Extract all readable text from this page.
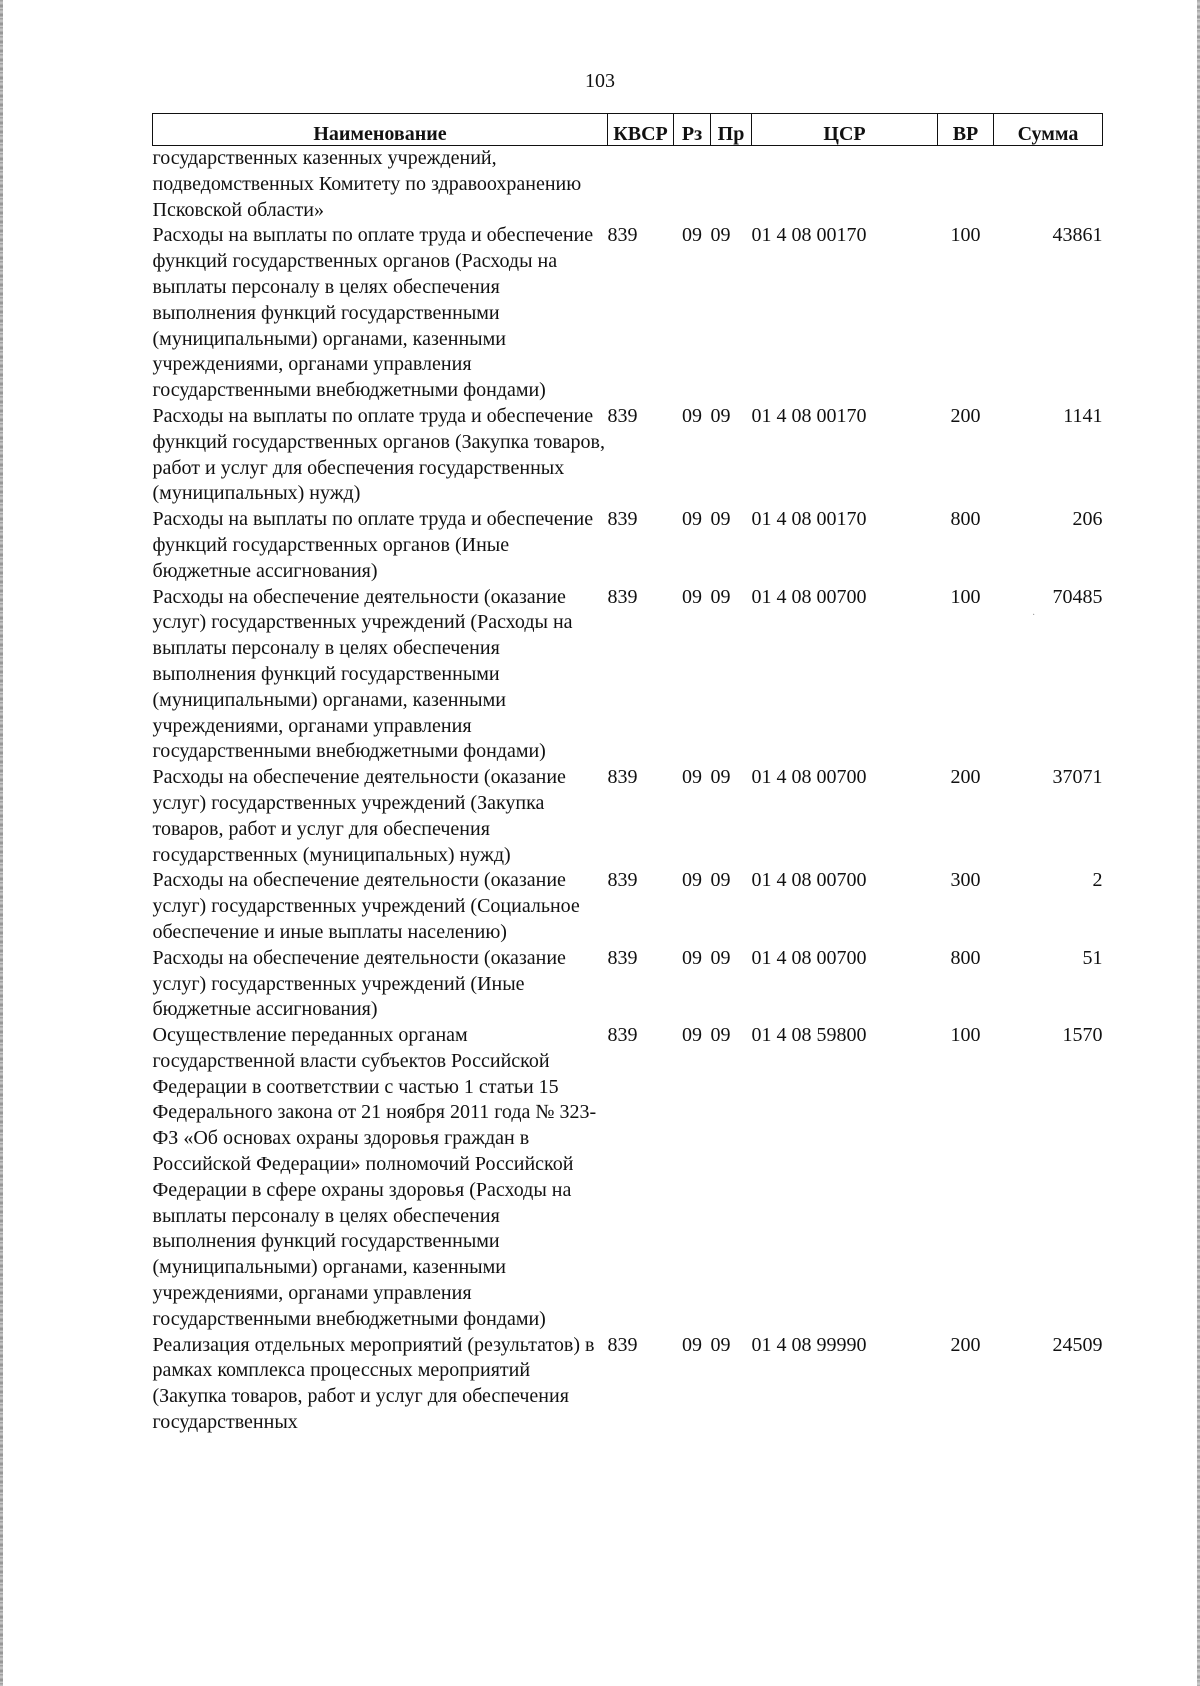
103
Наименование	КВСР	Рз	Пр	ЦСР	ВР	Сумма
государственных казенных учреждений, подведомственных Комитету по здравоохранению Псковской области»						
Расходы на выплаты по оплате труда и обеспечение функций государственных органов (Расходы на выплаты персоналу в целях обеспечения выполнения функций государственными (муниципальными) органами, казенными учреждениями, органами управления государственными внебюджетными фондами)	839	09	09	01 4 08 00170	100	43861
Расходы на выплаты по оплате труда и обеспечение функций государственных органов (Закупка товаров, работ и услуг для обеспечения государственных (муниципальных) нужд)	839	09	09	01 4 08 00170	200	1141
Расходы на выплаты по оплате труда и обеспечение функций государственных органов (Иные бюджетные ассигнования)	839	09	09	01 4 08 00170	800	206
Расходы на обеспечение деятельности (оказание услуг) государственных учреждений (Расходы на выплаты персоналу в целях обеспечения выполнения функций государственными (муниципальными) органами, казенными учреждениями, органами управления государственными внебюджетными фондами)	839	09	09	01 4 08 00700	100	70485
Расходы на обеспечение деятельности (оказание услуг) государственных учреждений (Закупка товаров, работ и услуг для обеспечения государственных (муниципальных) нужд)	839	09	09	01 4 08 00700	200	37071
Расходы на обеспечение деятельности (оказание услуг) государственных учреждений (Социальное обеспечение и иные выплаты населению)	839	09	09	01 4 08 00700	300	2
Расходы на обеспечение деятельности (оказание услуг) государственных учреждений (Иные бюджетные ассигнования)	839	09	09	01 4 08 00700	800	51
Осуществление переданных органам государственной власти субъектов Российской Федерации в соответствии с частью 1 статьи 15 Федерального закона от 21 ноября 2011 года № 323-ФЗ «Об основах охраны здоровья граждан в Российской Федерации» полномочий Российской Федерации в сфере охраны здоровья (Расходы на выплаты персоналу в целях обеспечения выполнения функций государственными (муниципальными) органами, казенными учреждениями, органами управления государственными внебюджетными фондами)	839	09	09	01 4 08 59800	100	1570
Реализация отдельных мероприятий (результатов) в рамках комплекса процессных мероприятий (Закупка товаров, работ и услуг для обеспечения государственных	839	09	09	01 4 08 99990	200	24509
·
